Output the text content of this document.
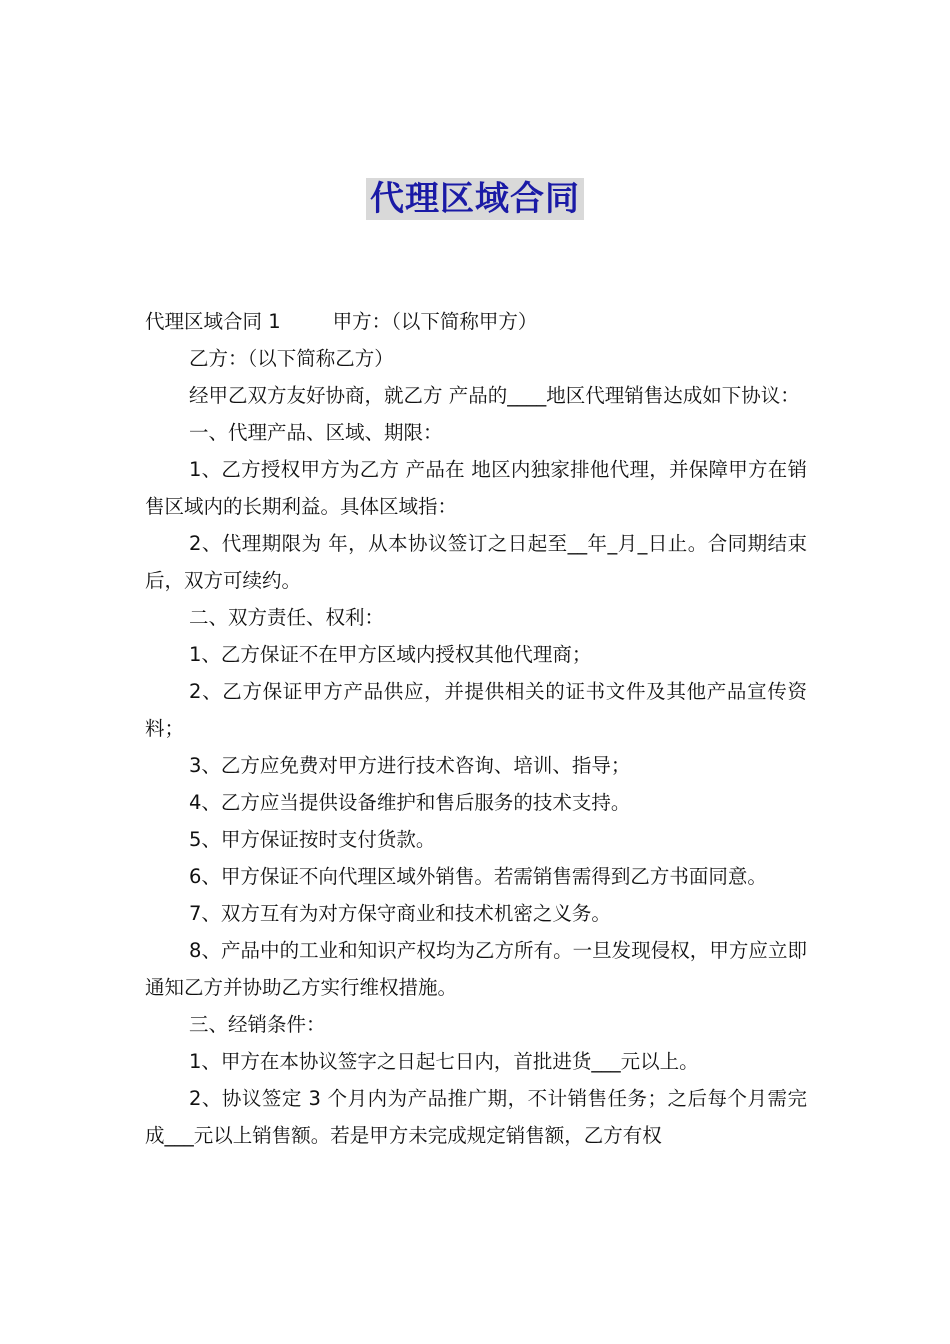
代理区域合同

代理区域合同 1	甲方：（以下简称甲方）

乙方：（以下简称乙方）

经甲乙双方友好协商，就乙方 产品的____地区代理销售达成如下协议：

一、代理产品、区域、期限：

1、乙方授权甲方为乙方 产品在 地区内独家排他代理，并保障甲方在销售区域内的长期利益。具体区域指：

2、代理期限为 年，从本协议签订之日起至__年_月_日止。合同期结束后，双方可续约。

二、双方责任、权利：

1、乙方保证不在甲方区域内授权其他代理商；

2、乙方保证甲方产品供应，并提供相关的证书文件及其他产品宣传资料；

3、乙方应免费对甲方进行技术咨询、培训、指导；

4、乙方应当提供设备维护和售后服务的技术支持。

5、甲方保证按时支付货款。

6、甲方保证不向代理区域外销售。若需销售需得到乙方书面同意。

7、双方互有为对方保守商业和技术机密之义务。

8、产品中的工业和知识产权均为乙方所有。一旦发现侵权，甲方应立即通知乙方并协助乙方实行维权措施。

三、经销条件：

1、甲方在本协议签字之日起七日内，首批进货___元以上。

2、协议签定 3 个月内为产品推广期，不计销售任务；之后每个月需完成___元以上销售额。若是甲方未完成规定销售额，乙方有权
